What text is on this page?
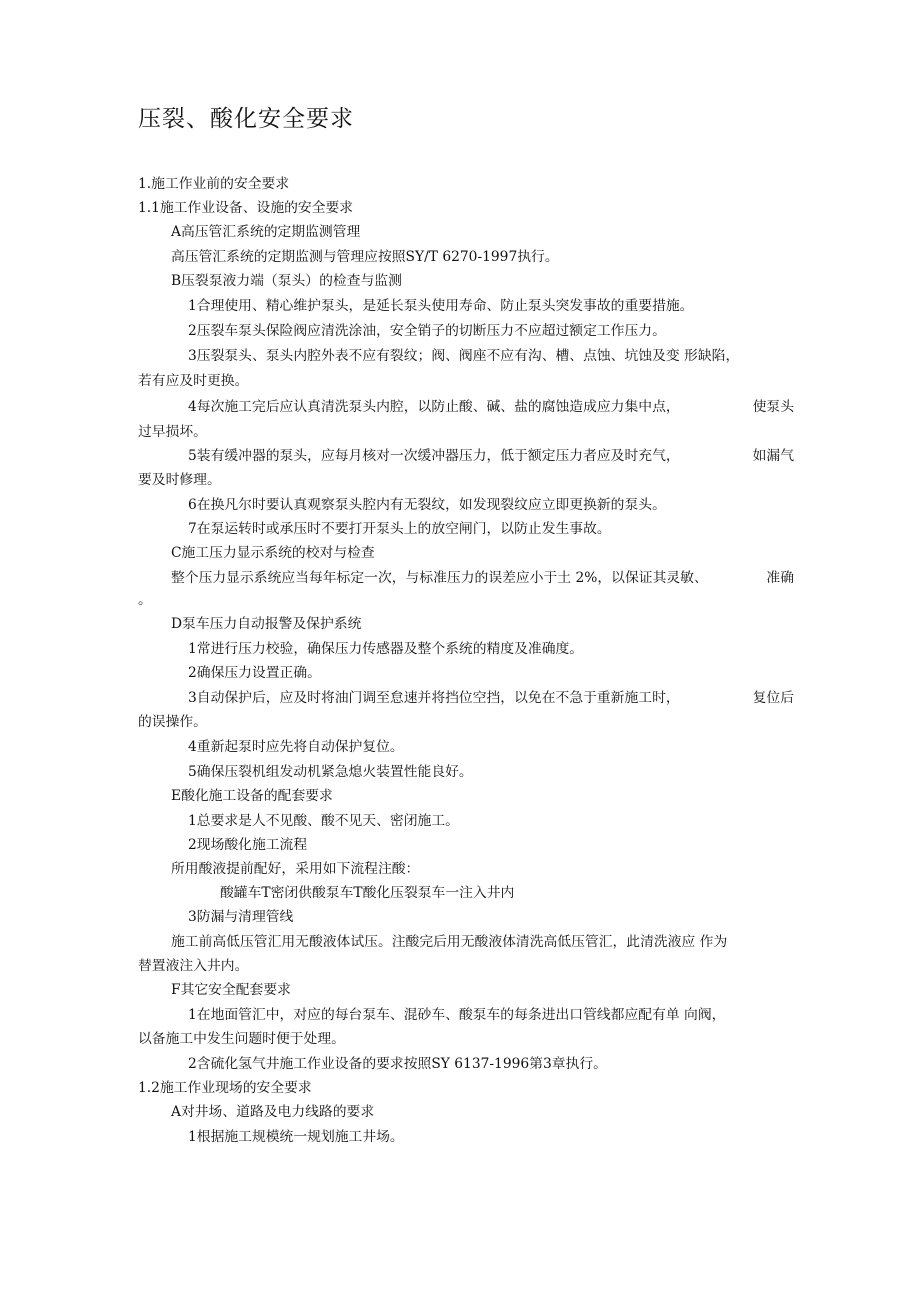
压裂、酸化安全要求
1.施工作业前的安全要求
1.1施工作业设备、设施的安全要求
A高压管汇系统的定期监测管理
高压管汇系统的定期监测与管理应按照SY/T 6270-1997执行。
B压裂泵液力端（泵头）的检查与监测
1合理使用、精心维护泵头，是延长泵头使用寿命、防止泵头突发事故的重要措施。
2压裂车泵头保险阀应清洗涂油，安全销子的切断压力不应超过额定工作压力。
3压裂泵头、泵头内腔外表不应有裂纹；阀、阀座不应有沟、槽、点蚀、坑蚀及变 形缺陷，
若有应及时更换。
4每次施工完后应认真清洗泵头内腔，以防止酸、碱、盐的腐蚀造成应力集中点，	使泵头
过早损坏。
5装有缓冲器的泵头，应每月核对一次缓冲器压力，低于额定压力者应及时充气，	如漏气
要及时修理。
6在换凡尔时要认真观察泵头腔内有无裂纹，如发现裂纹应立即更换新的泵头。
7在泵运转时或承压时不要打开泵头上的放空闸门，以防止发生事故。
C施工压力显示系统的校对与检查
整个压力显示系统应当每年标定一次，与标准压力的误差应小于土 2%，以保证其灵敏、	准确
。
D泵车压力自动报警及保护系统
1常进行压力校验，确保压力传感器及整个系统的精度及准确度。
2确保压力设置正确。
3自动保护后，应及时将油门调至怠速并将挡位空挡，以免在不急于重新施工时，	复位后
的误操作。
4重新起泵时应先将自动保护复位。
5确保压裂机组发动机紧急熄火装置性能良好。
E酸化施工设备的配套要求
1总要求是人不见酸、酸不见天、密闭施工。
2现场酸化施工流程
所用酸液提前配好，采用如下流程注酸：
酸罐车T密闭供酸泵车T酸化压裂泵车一注入井内
3防漏与清理管线
施工前高低压管汇用无酸液体试压。注酸完后用无酸液体清洗高低压管汇，此清洗液应 作为
替置液注入井内。
F其它安全配套要求
1在地面管汇中，对应的每台泵车、混砂车、酸泵车的每条进出口管线都应配有单 向阀，
以备施工中发生问题时便于处理。
2含硫化氢气井施工作业设备的要求按照SY 6137-1996第3章执行。
1.2施工作业现场的安全要求
A对井场、道路及电力线路的要求
1根据施工规模统一规划施工井场。
